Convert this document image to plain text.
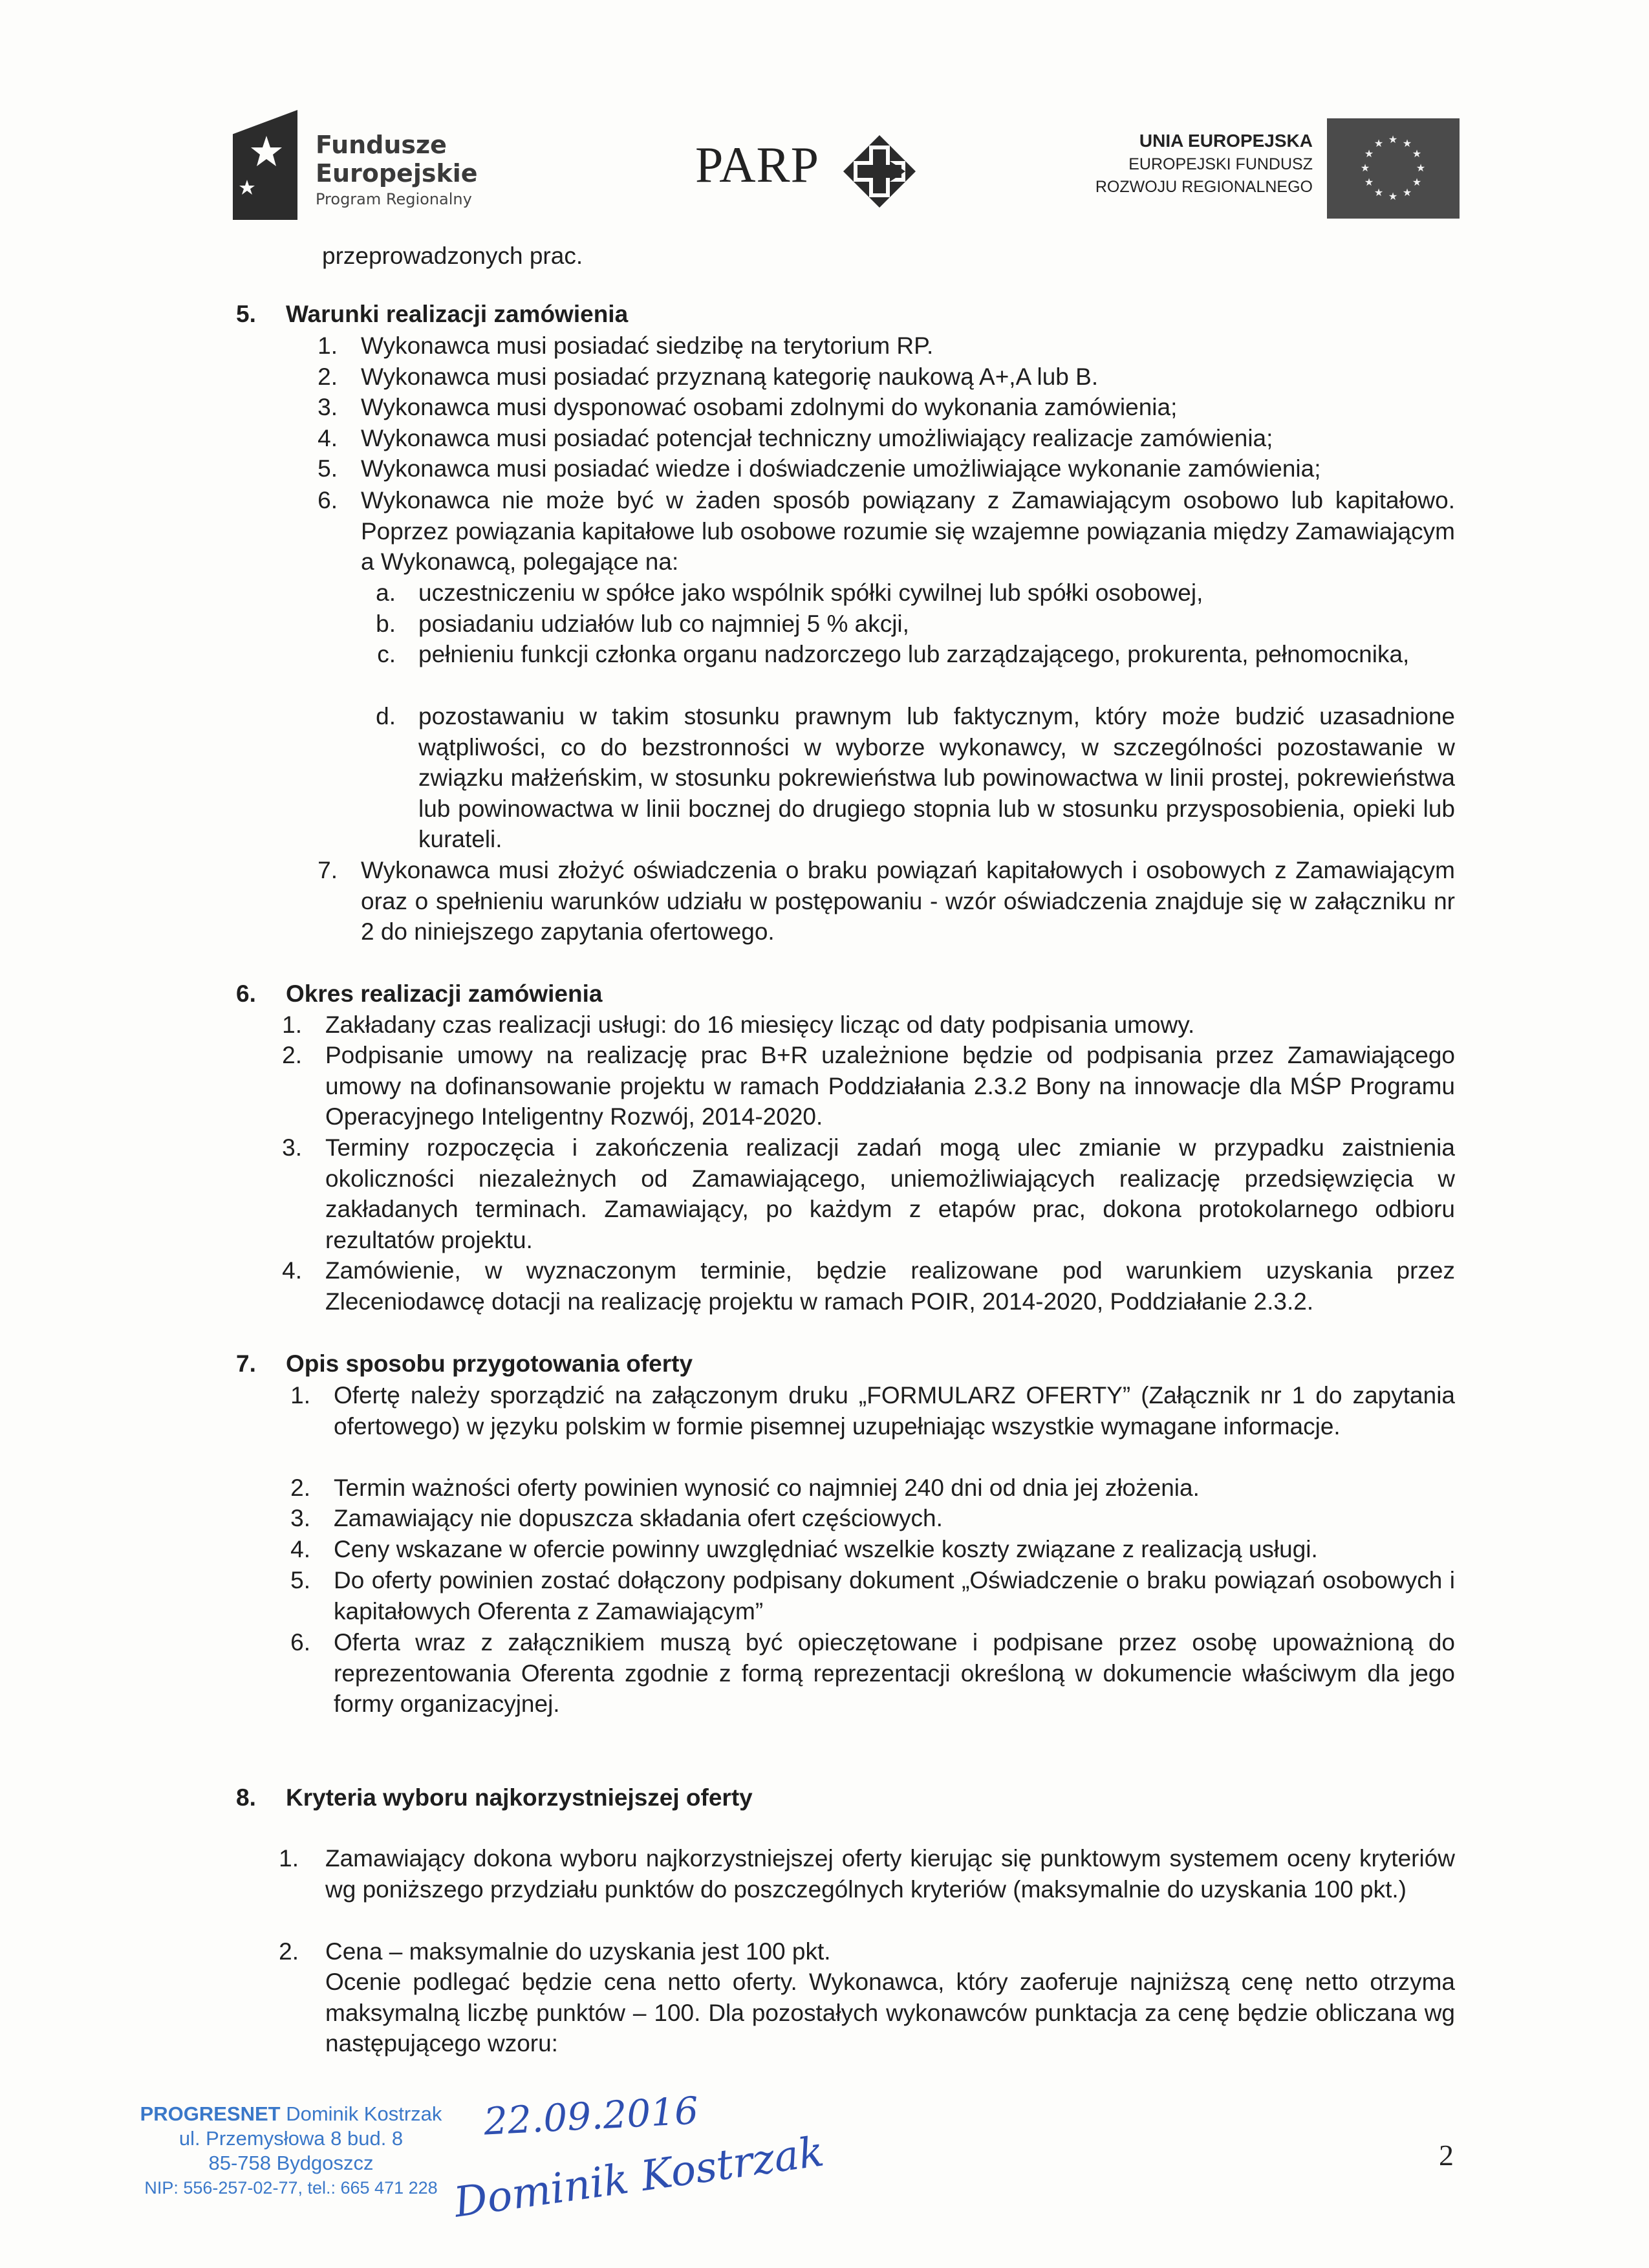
Fundusze
Europejskie
Program Regionalny
PARP	UNIA EUROPEJSKA
EUROPEJSKI FUNDUSZ
ROZWOJU REGIONALNEGO
★ ★
★
★
★
★
★
★
★
★
★
★
przeprowadzonych prac.
5. Warunki realizacji zamówienia
1. Wykonawca musi posiadać siedzibę na terytorium RP.
2. Wykonawca musi posiadać przyznaną kategorię naukową A+,A lub B.
3. Wykonawca musi dysponować osobami zdolnymi do wykonania zamówienia;
4. Wykonawca musi posiadać potencjał techniczny umożliwiający realizacje zamówienia;
5. Wykonawca musi posiadać wiedze i doświadczenie umożliwiające wykonanie zamówienia;
6. Wykonawca nie może być w żaden sposób powiązany z Zamawiającym osobowo lub kapitałowo. Poprzez powiązania kapitałowe lub osobowe rozumie się wzajemne powiązania między Zamawiającym a Wykonawcą, polegające na:
a. uczestniczeniu w spółce jako wspólnik spółki cywilnej lub spółki osobowej,
b. posiadaniu udziałów lub co najmniej 5 % akcji,
c. pełnieniu funkcji członka organu nadzorczego lub zarządzającego, prokurenta, pełnomocnika,
d. pozostawaniu w takim stosunku prawnym lub faktycznym, który może budzić uzasadnione wątpliwości, co do bezstronności w wyborze wykonawcy, w szczególności pozostawanie w związku małżeńskim, w stosunku pokrewieństwa lub powinowactwa w linii prostej, pokrewieństwa lub powinowactwa w linii bocznej do drugiego stopnia lub w stosunku przysposobienia, opieki lub kurateli.
7. Wykonawca musi złożyć oświadczenia o braku powiązań kapitałowych i osobowych z Zamawiającym oraz o spełnieniu warunków udziału w postępowaniu - wzór oświadczenia znajduje się w załączniku nr 2 do niniejszego zapytania ofertowego.
6. Okres realizacji zamówienia
1. Zakładany czas realizacji usługi: do 16 miesięcy licząc od daty podpisania umowy.
2. Podpisanie umowy na realizację prac B+R uzależnione będzie od podpisania przez Zamawiającego umowy na dofinansowanie projektu w ramach Poddziałania 2.3.2 Bony na innowacje dla MŚP Programu Operacyjnego Inteligentny Rozwój, 2014-2020.
3. Terminy rozpoczęcia i zakończenia realizacji zadań mogą ulec zmianie w przypadku zaistnienia okoliczności niezależnych od Zamawiającego, uniemożliwiających realizację przedsięwzięcia w zakładanych terminach. Zamawiający, po każdym z etapów prac, dokona protokolarnego odbioru rezultatów projektu.
4. Zamówienie, w wyznaczonym terminie, będzie realizowane pod warunkiem uzyskania przez Zleceniodawcę dotacji na realizację projektu w ramach POIR, 2014-2020, Poddziałanie 2.3.2.
7. Opis sposobu przygotowania oferty
1. Ofertę należy sporządzić na załączonym druku „FORMULARZ OFERTY” (Załącznik nr 1 do zapytania ofertowego) w języku polskim w formie pisemnej uzupełniając wszystkie wymagane informacje.
2. Termin ważności oferty powinien wynosić co najmniej 240 dni od dnia jej złożenia.
3. Zamawiający nie dopuszcza składania ofert częściowych.
4. Ceny wskazane w ofercie powinny uwzględniać wszelkie koszty związane z realizacją usługi.
5. Do oferty powinien zostać dołączony podpisany dokument „Oświadczenie o braku powiązań osobowych i kapitałowych Oferenta z Zamawiającym”
6. Oferta wraz z załącznikiem muszą być opieczętowane i podpisane przez osobę upoważnioną do reprezentowania Oferenta zgodnie z formą reprezentacji określoną w dokumencie właściwym dla jego formy organizacyjnej.
8. Kryteria wyboru najkorzystniejszej oferty
1. Zamawiający dokona wyboru najkorzystniejszej oferty kierując się punktowym systemem oceny kryteriów wg poniższego przydziału punktów do poszczególnych kryteriów (maksymalnie do uzyskania 100 pkt.)
2. Cena – maksymalnie do uzyskania jest 100 pkt.
Ocenie podlegać będzie cena netto oferty. Wykonawca, który zaoferuje najniższą cenę netto otrzyma maksymalną liczbę punktów – 100. Dla pozostałych wykonawców punktacja za cenę będzie obliczana wg następującego wzoru:
PROGRESNET Dominik Kostrzak
ul. Przemysłowa 8 bud. 8
85-758 Bydgoszcz
NIP: 556-257-02-77, tel.: 665 471 228
22.09.2016
Dominik Kostrzak	2
